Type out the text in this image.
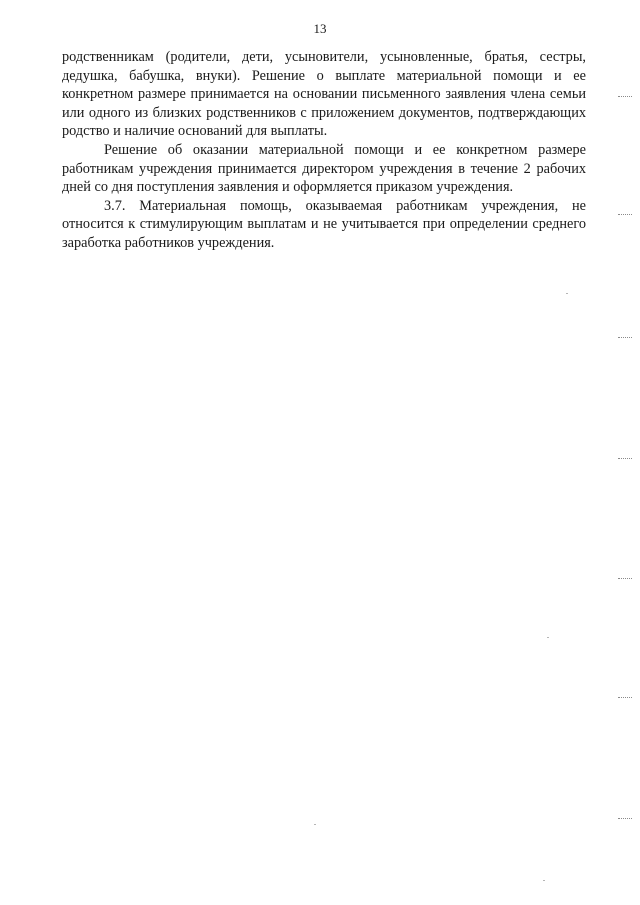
13

родственникам (родители, дети, усыновители, усыновленные, братья, сестры, дедушка, бабушка, внуки). Решение о выплате материальной помощи и ее конкретном размере принимается на основании письменного заявления члена семьи или одного из близких родственников с приложением документов, подтверждающих родство и наличие оснований для выплаты.

Решение об оказании материальной помощи и ее конкретном размере работникам учреждения принимается директором учреждения в течение 2 рабочих дней со дня поступления заявления и оформляется приказом учреждения.

3.7. Материальная помощь, оказываемая работникам учреждения, не относится к стимулирующим выплатам и не учитывается при определении среднего заработка работников учреждения.
